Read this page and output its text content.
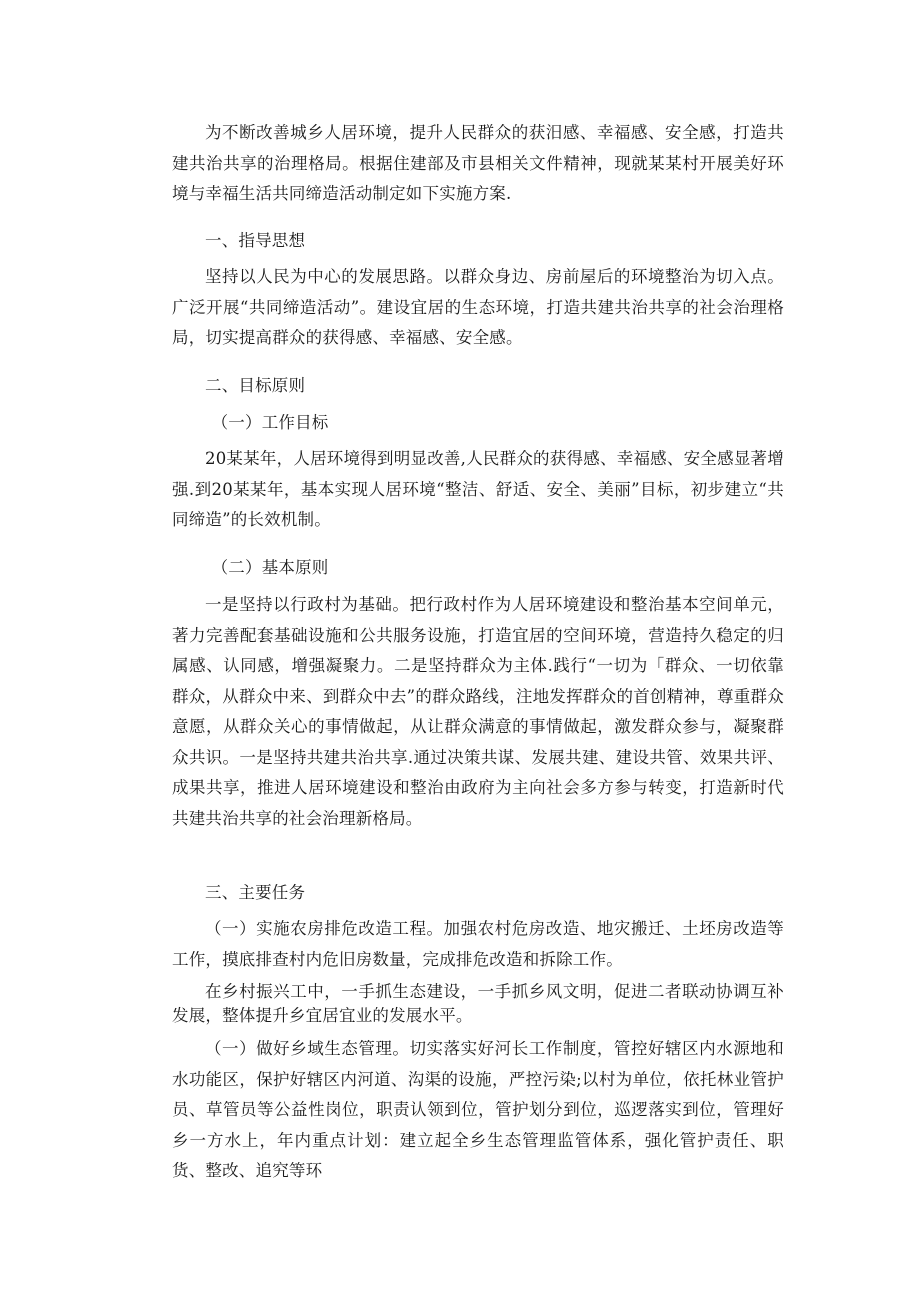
为不断改善城乡人居环境，提升人民群众的获汨感、幸福感、安全感，打造共建共治共享的治理格局。根据住建部及市县相关文件精神，现就某某村开展美好环境与幸福生活共同缔造活动制定如下实施方案.

一、指导思想

坚持以人民为中心的发展思路。以群众身边、房前屋后的环境整治为切入点。广泛开展“共同缔造活动”。建设宜居的生态环境，打造共建共治共享的社会治理格局，切实提高群众的获得感、幸福感、安全感。

二、目标原则

（一）工作目标

20某某年，人居环境得到明显改善,人民群众的获得感、幸福感、安全感显著增强.到20某某年，基本实现人居环境“整洁、舒适、安全、美丽”目标，初步建立“共同缔造”的长效机制。

（二）基本原则

一是坚持以行政村为基础。把行政村作为人居环境建设和整治基本空间单元，著力完善配套基础设施和公共服务设施，打造宜居的空间环境，营造持久稳定的归属感、认同感，增强凝聚力。二是坚持群众为主体.践行“一切为「群众、一切依靠群众，从群众中来、到群众中去”的群众路线，注地发挥群众的首创精神，尊重群众意愿，从群众关心的事情做起，从让群众满意的事情做起，激发群众参与，凝聚群众共识。一是坚持共建共治共享.通过决策共谋、发展共建、建设共管、效果共评、成果共享，推进人居环境建设和整治由政府为主向社会多方参与转变，打造新时代共建共治共享的社会治理新格局。

三、主要任务

（一）实施农房排危改造工程。加强农村危房改造、地灾搬迁、土坯房改造等工作，摸底排查村内危旧房数量，完成排危改造和拆除工作。

在乡村振兴工中，一手抓生态建设，一手抓乡风文明，促进二者联动协调互补发展，整体提升乡宜居宜业的发展水平。

（一）做好乡域生态管理。切实落实好河长工作制度，管控好辖区内水源地和水功能区，保护好辖区内河道、沟渠的设施，严控污染;以村为单位，依托林业管护员、草管员等公益性岗位，职责认领到位，管护划分到位，巡逻落实到位，管理好乡一方水上，年内重点计划：建立起全乡生态管理监管体系，强化管护责任、职货、整改、追究等环
